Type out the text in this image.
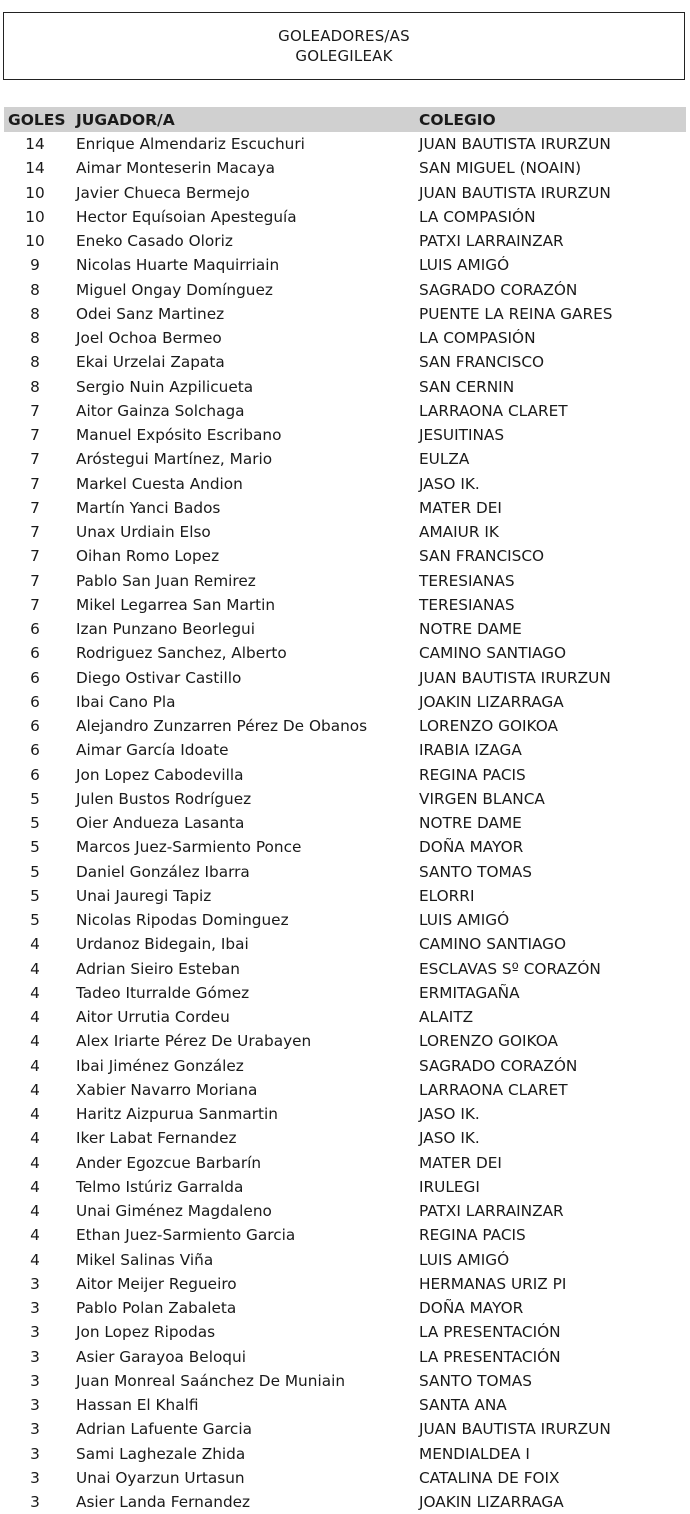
GOLEADORES/AS
GOLEGILEAK
GOLES JUGADOR/A	COLEGIO
14	Enrique Almendariz Escuchuri	JUAN BAUTISTA IRURZUN
14	Aimar Monteserin Macaya	SAN MIGUEL (NOAIN)
10	Javier Chueca Bermejo	JUAN BAUTISTA IRURZUN
10	Hector Equísoian Apesteguía	LA COMPASIÓN
10	Eneko Casado Oloriz	PATXI LARRAINZAR
9	Nicolas Huarte Maquirriain	LUIS AMIGÓ
8	Miguel Ongay Domínguez	SAGRADO CORAZÓN
8	Odei Sanz Martinez	PUENTE LA REINA GARES
8	Joel Ochoa Bermeo	LA COMPASIÓN
8	Ekai Urzelai Zapata	SAN FRANCISCO
8	Sergio Nuin Azpilicueta	SAN CERNIN
7	Aitor Gainza Solchaga	LARRAONA CLARET
7	Manuel Expósito Escribano	JESUITINAS
7	Aróstegui Martínez, Mario	EULZA
7	Markel Cuesta Andion	JASO IK.
7	Martín Yanci Bados	MATER DEI
7	Unax Urdiain Elso	AMAIUR IK
7	Oihan Romo Lopez	SAN FRANCISCO
7	Pablo San Juan Remirez	TERESIANAS
7	Mikel Legarrea San Martin	TERESIANAS
6	Izan Punzano Beorlegui	NOTRE DAME
6	Rodriguez Sanchez, Alberto	CAMINO SANTIAGO
6	Diego Ostivar Castillo	JUAN BAUTISTA IRURZUN
6	Ibai Cano Pla	JOAKIN LIZARRAGA
6	Alejandro Zunzarren Pérez De Obanos	LORENZO GOIKOA
6	Aimar García Idoate	IRABIA IZAGA
6	Jon Lopez Cabodevilla	REGINA PACIS
5	Julen Bustos Rodríguez	VIRGEN BLANCA
5	Oier Andueza Lasanta	NOTRE DAME
5	Marcos Juez-Sarmiento Ponce	DOÑA MAYOR
5	Daniel González Ibarra	SANTO TOMAS
5	Unai Jauregi Tapiz	ELORRI
5	Nicolas Ripodas Dominguez	LUIS AMIGÓ
4	Urdanoz Bidegain, Ibai	CAMINO SANTIAGO
4	Adrian Sieiro Esteban	ESCLAVAS Sº CORAZÓN
4	Tadeo Iturralde Gómez	ERMITAGAÑA
4	Aitor Urrutia Cordeu	ALAITZ
4	Alex Iriarte Pérez De Urabayen	LORENZO GOIKOA
4	Ibai Jiménez González	SAGRADO CORAZÓN
4	Xabier Navarro Moriana	LARRAONA CLARET
4	Haritz Aizpurua Sanmartin	JASO IK.
4	Iker Labat Fernandez	JASO IK.
4	Ander Egozcue Barbarín	MATER DEI
4	Telmo Istúriz Garralda	IRULEGI
4	Unai Giménez Magdaleno	PATXI LARRAINZAR
4	Ethan Juez-Sarmiento Garcia	REGINA PACIS
4	Mikel Salinas Viña	LUIS AMIGÓ
3	Aitor Meijer Regueiro	HERMANAS URIZ PI
3	Pablo Polan Zabaleta	DOÑA MAYOR
3	Jon Lopez Ripodas	LA PRESENTACIÓN
3	Asier Garayoa Beloqui	LA PRESENTACIÓN
3	Juan Monreal Saánchez De Muniain	SANTO TOMAS
3	Hassan El Khalfi	SANTA ANA
3	Adrian Lafuente Garcia	JUAN BAUTISTA IRURZUN
3	Sami Laghezale Zhida	MENDIALDEA I
3	Unai Oyarzun Urtasun	CATALINA DE FOIX
3	Asier Landa Fernandez	JOAKIN LIZARRAGA
